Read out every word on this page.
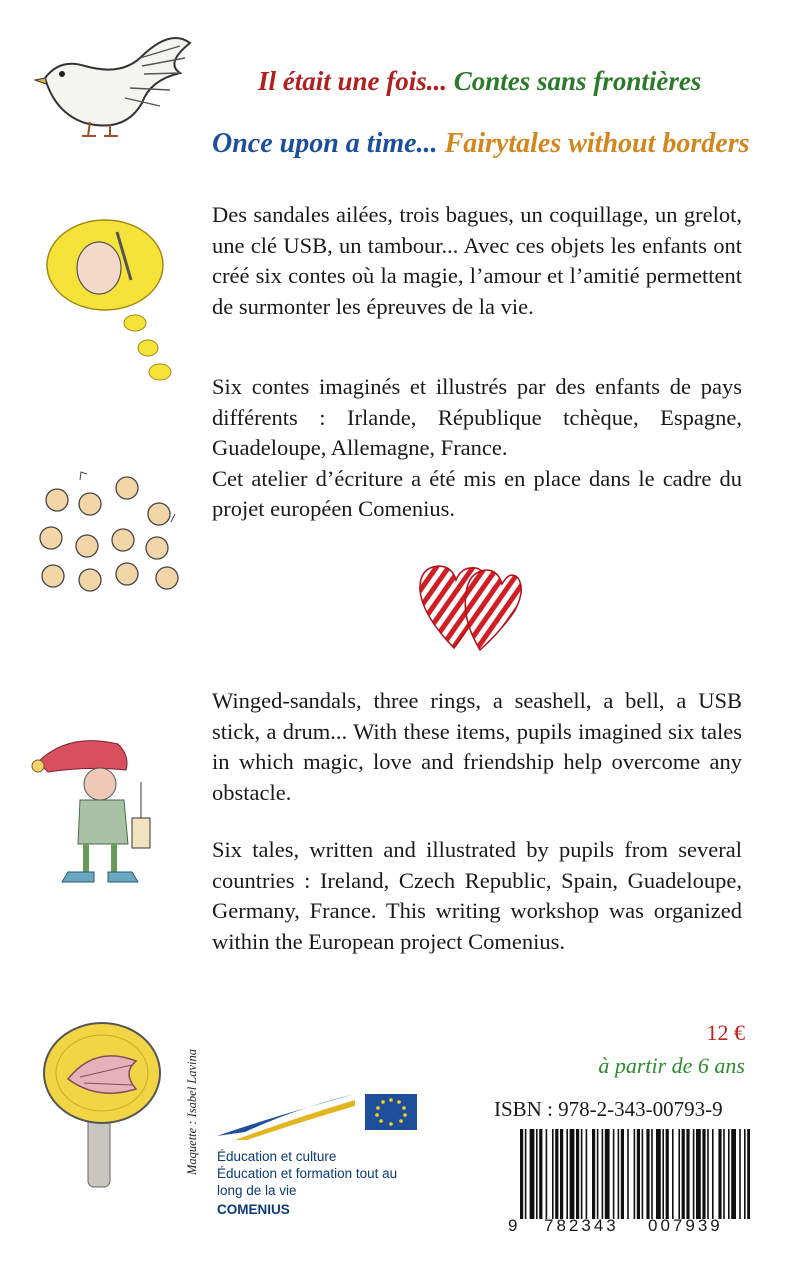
Il était une fois... Contes sans frontières
Once upon a time... Fairytales without borders

Des sandales ailées, trois bagues, un coquillage, un grelot, une clé USB, un tambour... Avec ces objets les enfants ont créé six contes où la magie, l’amour et l’amitié permettent de surmonter les épreuves de la vie.

Six contes imaginés et illustrés par des enfants de pays différents : Irlande, République tchèque, Espagne, Guadeloupe, Allemagne, France.
Cet atelier d’écriture a été mis en place dans le cadre du projet européen Comenius.

Winged-sandals, three rings, a seashell, a bell, a USB stick, a drum... With these items, pupils imagined six tales in which magic, love and friendship help overcome any obstacle.

Six tales, written and illustrated by pupils from several countries : Ireland, Czech Republic, Spain, Guadeloupe, Germany, France. This writing workshop was organized within the European project Comenius.

Maquette : Isabel Lavina Éducation et culture
Éducation et formation tout au
long de la vie
COMENIUS
12 €
à partir de 6 ans
ISBN : 978-2-343-00793-9
9 782343 007939
